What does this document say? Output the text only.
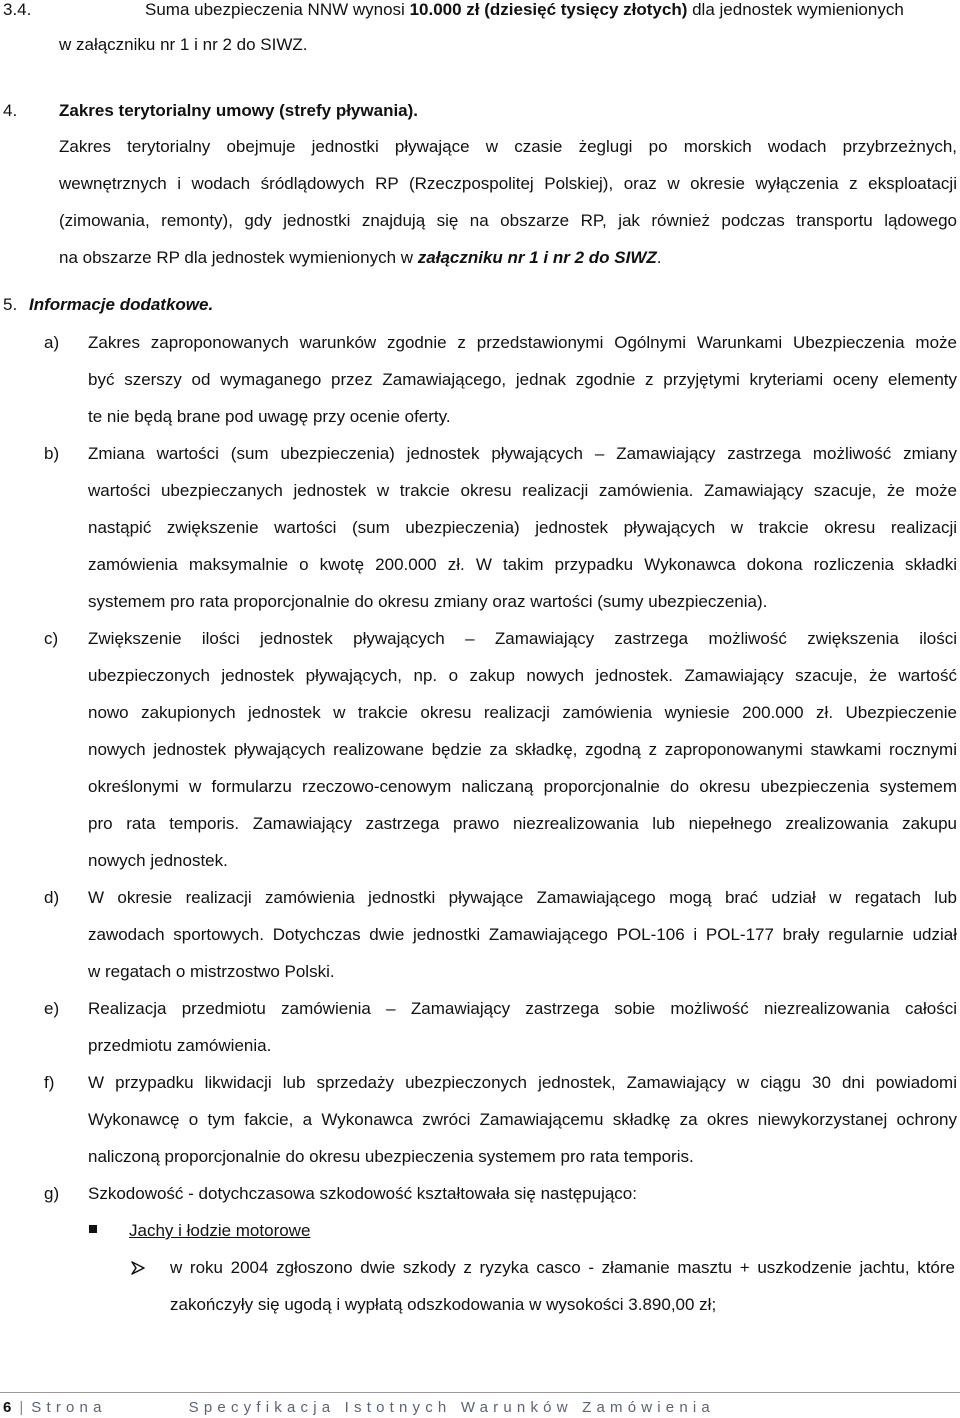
3.4.	Suma ubezpieczenia NNW wynosi 10.000 zł (dziesięć tysięcy złotych) dla jednostek wymienionych
w załączniku nr 1 i nr 2 do SIWZ.
4. Zakres terytorialny umowy (strefy pływania).
Zakres terytorialny obejmuje jednostki pływające w czasie żeglugi po morskich wodach przybrzeżnych,
wewnętrznych i wodach śródlądowych RP (Rzeczpospolitej Polskiej), oraz w okresie wyłączenia z eksploatacji
(zimowania, remonty), gdy jednostki znajdują się na obszarze RP, jak również podczas transportu lądowego
na obszarze RP dla jednostek wymienionych w załączniku nr 1 i nr 2 do SIWZ.
5. Informacje dodatkowe.
a) Zakres zaproponowanych warunków zgodnie z przedstawionymi Ogólnymi Warunkami Ubezpieczenia może
być szerszy od wymaganego przez Zamawiającego, jednak zgodnie z przyjętymi kryteriami oceny elementy
te nie będą brane pod uwagę przy ocenie oferty.
b) Zmiana wartości (sum ubezpieczenia) jednostek pływających – Zamawiający zastrzega możliwość zmiany
wartości ubezpieczanych jednostek w trakcie okresu realizacji zamówienia. Zamawiający szacuje, że może
nastąpić zwiększenie wartości (sum ubezpieczenia) jednostek pływających w trakcie okresu realizacji
zamówienia maksymalnie o kwotę 200.000 zł. W takim przypadku Wykonawca dokona rozliczenia składki
systemem pro rata proporcjonalnie do okresu zmiany oraz wartości (sumy ubezpieczenia).
c) Zwiększenie ilości jednostek pływających – Zamawiający zastrzega możliwość zwiększenia ilości
ubezpieczonych jednostek pływających, np. o zakup nowych jednostek. Zamawiający szacuje, że wartość
nowo zakupionych jednostek w trakcie okresu realizacji zamówienia wyniesie 200.000 zł. Ubezpieczenie
nowych jednostek pływających realizowane będzie za składkę, zgodną z zaproponowanymi stawkami rocznymi
określonymi w formularzu rzeczowo-cenowym naliczaną proporcjonalnie do okresu ubezpieczenia systemem
pro rata temporis. Zamawiający zastrzega prawo niezrealizowania lub niepełnego zrealizowania zakupu
nowych jednostek.
d) W okresie realizacji zamówienia jednostki pływające Zamawiającego mogą brać udział w regatach lub
zawodach sportowych. Dotychczas dwie jednostki Zamawiającego POL-106 i POL-177 brały regularnie udział
w regatach o mistrzostwo Polski.
e) Realizacja przedmiotu zamówienia – Zamawiający zastrzega sobie możliwość niezrealizowania całości
przedmiotu zamówienia.
f) W przypadku likwidacji lub sprzedaży ubezpieczonych jednostek, Zamawiający w ciągu 30 dni powiadomi
Wykonawcę o tym fakcie, a Wykonawca zwróci Zamawiającemu składkę za okres niewykorzystanej ochrony
naliczoną proporcjonalnie do okresu ubezpieczenia systemem pro rata temporis.
g) Szkodowość - dotychczasowa szkodowość kształtowała się następująco:
Jachy i łodzie motorowe
w roku 2004 zgłoszono dwie szkody z ryzyka casco - złamanie masztu + uszkodzenie jachtu, które
zakończyły się ugodą i wypłatą odszkodowania w wysokości 3.890,00 zł;
6 | Strona	Specyfikacja Istotnych Warunków Zamówienia
